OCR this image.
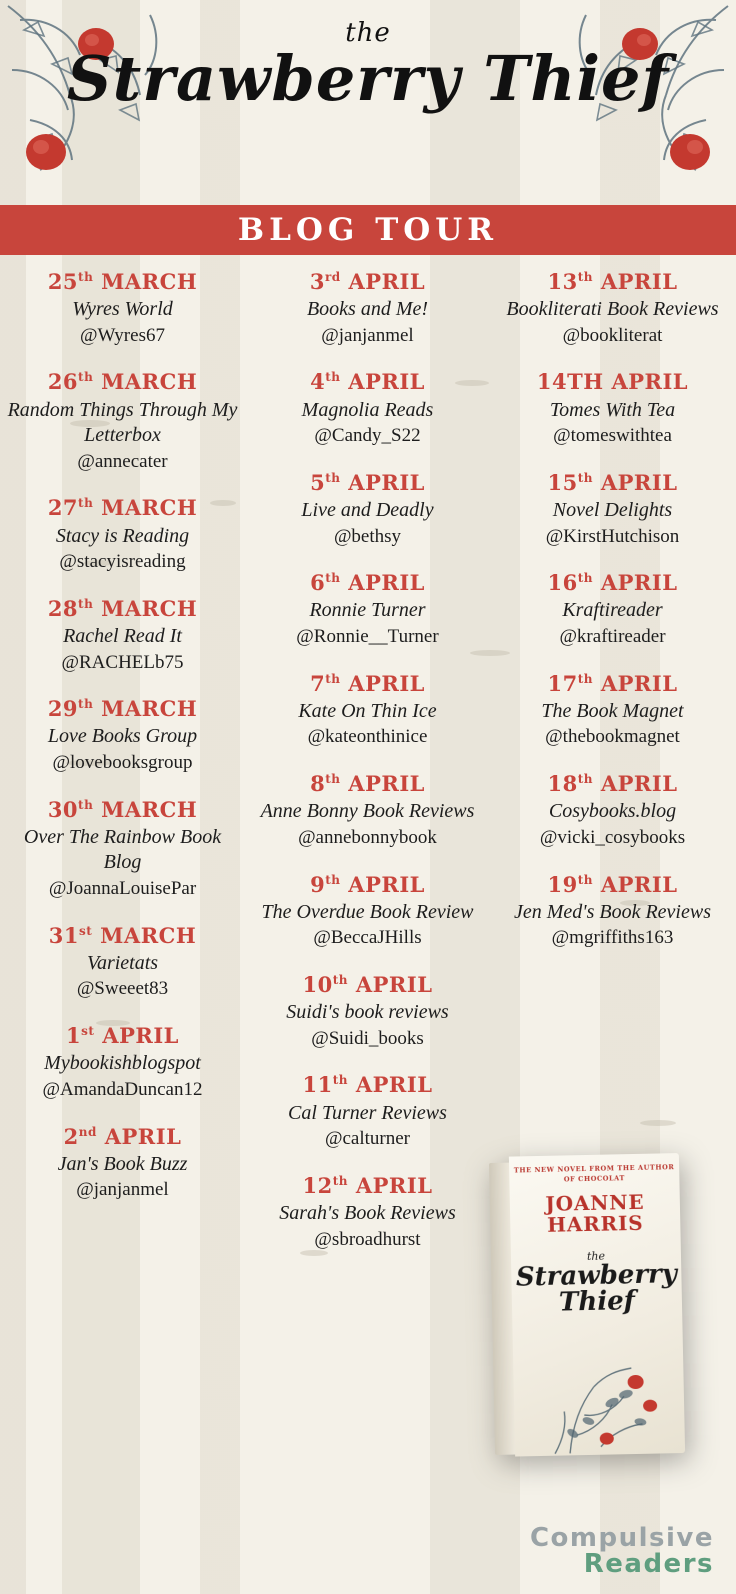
the
Strawberry Thief
BLOG TOUR
25th MARCH
Wyres World
@Wyres67
26th MARCH
Random Things Through My Letterbox
@annecater
27th MARCH
Stacy is Reading
@stacyisreading
28th MARCH
Rachel Read It
@RACHELb75
29th MARCH
Love Books Group
@lovebooksgroup
30th MARCH
Over The Rainbow Book Blog
@JoannaLouisePar
31st MARCH
Varietats
@Sweeet83
1st APRIL
Mybookishblogspot
@AmandaDuncan12
2nd APRIL
Jan's Book Buzz
@janjanmel
3rd APRIL
Books and Me!
@janjanmel
4th APRIL
Magnolia Reads
@Candy_S22
5th APRIL
Live and Deadly
@bethsy
6th APRIL
Ronnie Turner
@Ronnie__Turner
7th APRIL
Kate On Thin Ice
@kateonthinice
8th APRIL
Anne Bonny Book Reviews
@annebonnybook
9th APRIL
The Overdue Book Review
@BeccaJHills
10th APRIL
Suidi's book reviews
@Suidi_books
11th APRIL
Cal Turner Reviews
@calturner
12th APRIL
Sarah's Book Reviews
@sbroadhurst
13th APRIL
Bookliterati Book Reviews
@bookliterat
14TH APRIL
Tomes With Tea
@tomeswithtea
15th APRIL
Novel Delights
@KirstHutchison
16th APRIL
Kraftireader
@kraftireader
17th APRIL
The Book Magnet
@thebookmagnet
18th APRIL
Cosybooks.blog
@vicki_cosybooks
19th APRIL
Jen Med's Book Reviews
@mgriffiths163
THE NEW NOVEL FROM THE AUTHOR OF CHOCOLAT
JOANNE HARRIS
the
Strawberry Thief
Compulsive
Readers
